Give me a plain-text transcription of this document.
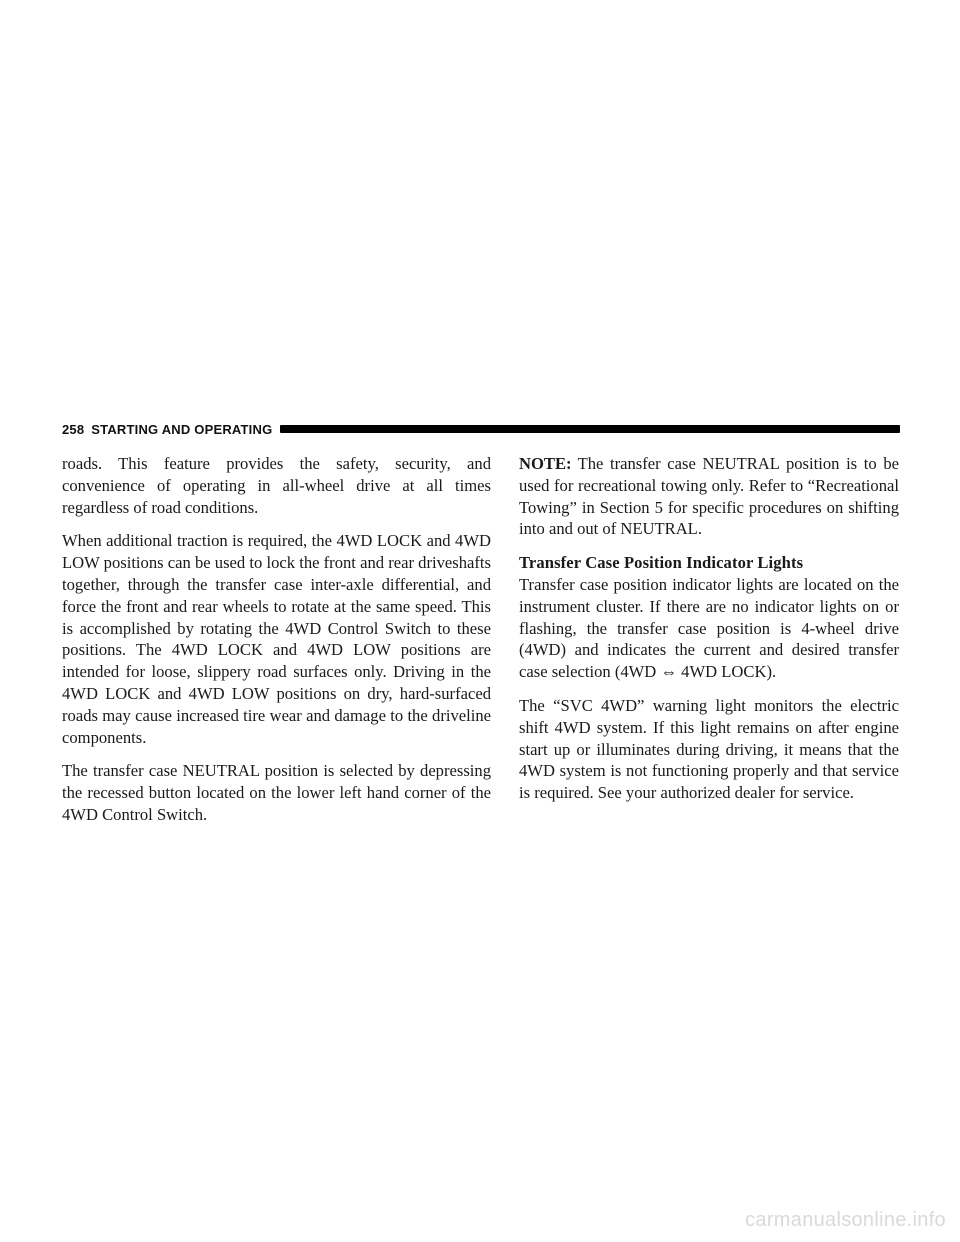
258 STARTING AND OPERATING

roads. This feature provides the safety, security, and convenience of operating in all-wheel drive at all times regardless of road conditions.

When additional traction is required, the 4WD LOCK and 4WD LOW positions can be used to lock the front and rear driveshafts together, through the transfer case inter-axle differential, and force the front and rear wheels to rotate at the same speed. This is accomplished by rotating the 4WD Control Switch to these positions. The 4WD LOCK and 4WD LOW positions are intended for loose, slippery road surfaces only. Driving in the 4WD LOCK and 4WD LOW positions on dry, hard-surfaced roads may cause increased tire wear and damage to the driveline components.

The transfer case NEUTRAL position is selected by depressing the recessed button located on the lower left hand corner of the 4WD Control Switch.

NOTE: The transfer case NEUTRAL position is to be used for recreational towing only. Refer to “Recreational Towing” in Section 5 for specific procedures on shifting into and out of NEUTRAL.

Transfer Case Position Indicator Lights

Transfer case position indicator lights are located on the instrument cluster. If there are no indicator lights on or flashing, the transfer case position is 4-wheel drive (4WD) and indicates the current and desired transfer case selection (4WD ⇔ 4WD LOCK).

The “SVC 4WD” warning light monitors the electric shift 4WD system. If this light remains on after engine start up or illuminates during driving, it means that the 4WD system is not functioning properly and that service is required. See your authorized dealer for service.

carmanualsonline.info
